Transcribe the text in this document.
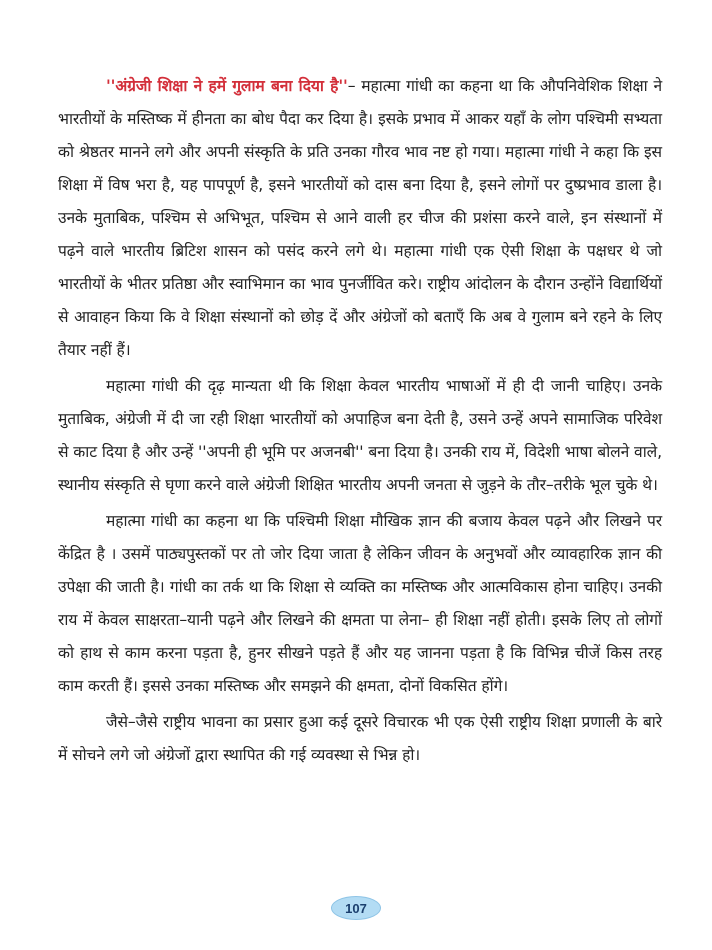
''अंग्रेजी शिक्षा ने हमें गुलाम बना दिया है''– महात्मा गांधी का कहना था कि औपनिवेशिक शिक्षा ने भारतीयों के मस्तिष्क में हीनता का बोध पैदा कर दिया है। इसके प्रभाव में आकर यहाँ के लोग पश्चिमी सभ्यता को श्रेष्ठतर मानने लगे और अपनी संस्कृति के प्रति उनका गौरव भाव नष्ट हो गया। महात्मा गांधी ने कहा कि इस शिक्षा में विष भरा है, यह पापपूर्ण है, इसने भारतीयों को दास बना दिया है, इसने लोगों पर दुष्प्रभाव डाला है। उनके मुताबिक, पश्चिम से अभिभूत, पश्चिम से आने वाली हर चीज की प्रशंसा करने वाले, इन संस्थानों में पढ़ने वाले भारतीय ब्रिटिश शासन को पसंद करने लगे थे। महात्मा गांधी एक ऐसी शिक्षा के पक्षधर थे जो भारतीयों के भीतर प्रतिष्ठा और स्वाभिमान का भाव पुनर्जीवित करे। राष्ट्रीय आंदोलन के दौरान उन्होंने विद्यार्थियों से आवाहन किया कि वे शिक्षा संस्थानों को छोड़ दें और अंग्रेजों को बताएँ कि अब वे गुलाम बने रहने के लिए तैयार नहीं हैं।

महात्मा गांधी की दृढ़ मान्यता थी कि शिक्षा केवल भारतीय भाषाओं में ही दी जानी चाहिए। उनके मुताबिक, अंग्रेजी में दी जा रही शिक्षा भारतीयों को अपाहिज बना देती है, उसने उन्हें अपने सामाजिक परिवेश से काट दिया है और उन्हें ''अपनी ही भूमि पर अजनबी'' बना दिया है। उनकी राय में, विदेशी भाषा बोलने वाले, स्थानीय संस्कृति से घृणा करने वाले अंग्रेजी शिक्षित भारतीय अपनी जनता से जुड़ने के तौर–तरीके भूल चुके थे।

महात्मा गांधी का कहना था कि पश्चिमी शिक्षा मौखिक ज्ञान की बजाय केवल पढ़ने और लिखने पर केंद्रित है । उसमें पाठ्यपुस्तकों पर तो जोर दिया जाता है लेकिन जीवन के अनुभवों और व्यावहारिक ज्ञान की उपेक्षा की जाती है। गांधी का तर्क था कि शिक्षा से व्यक्ति का मस्तिष्क और आत्मविकास होना चाहिए। उनकी राय में केवल साक्षरता–यानी पढ़ने और लिखने की क्षमता पा लेना– ही शिक्षा नहीं होती। इसके लिए तो लोगों को हाथ से काम करना पड़ता है, हुनर सीखने पड़ते हैं और यह जानना पड़ता है कि विभिन्न चीजें किस तरह काम करती हैं। इससे उनका मस्तिष्क और समझने की क्षमता, दोनों विकसित होंगे।

जैसे–जैसे राष्ट्रीय भावना का प्रसार हुआ कई दूसरे विचारक भी एक ऐसी राष्ट्रीय शिक्षा प्रणाली के बारे में सोचने लगे जो अंग्रेजों द्वारा स्थापित की गई व्यवस्था से भिन्न हो।

107
